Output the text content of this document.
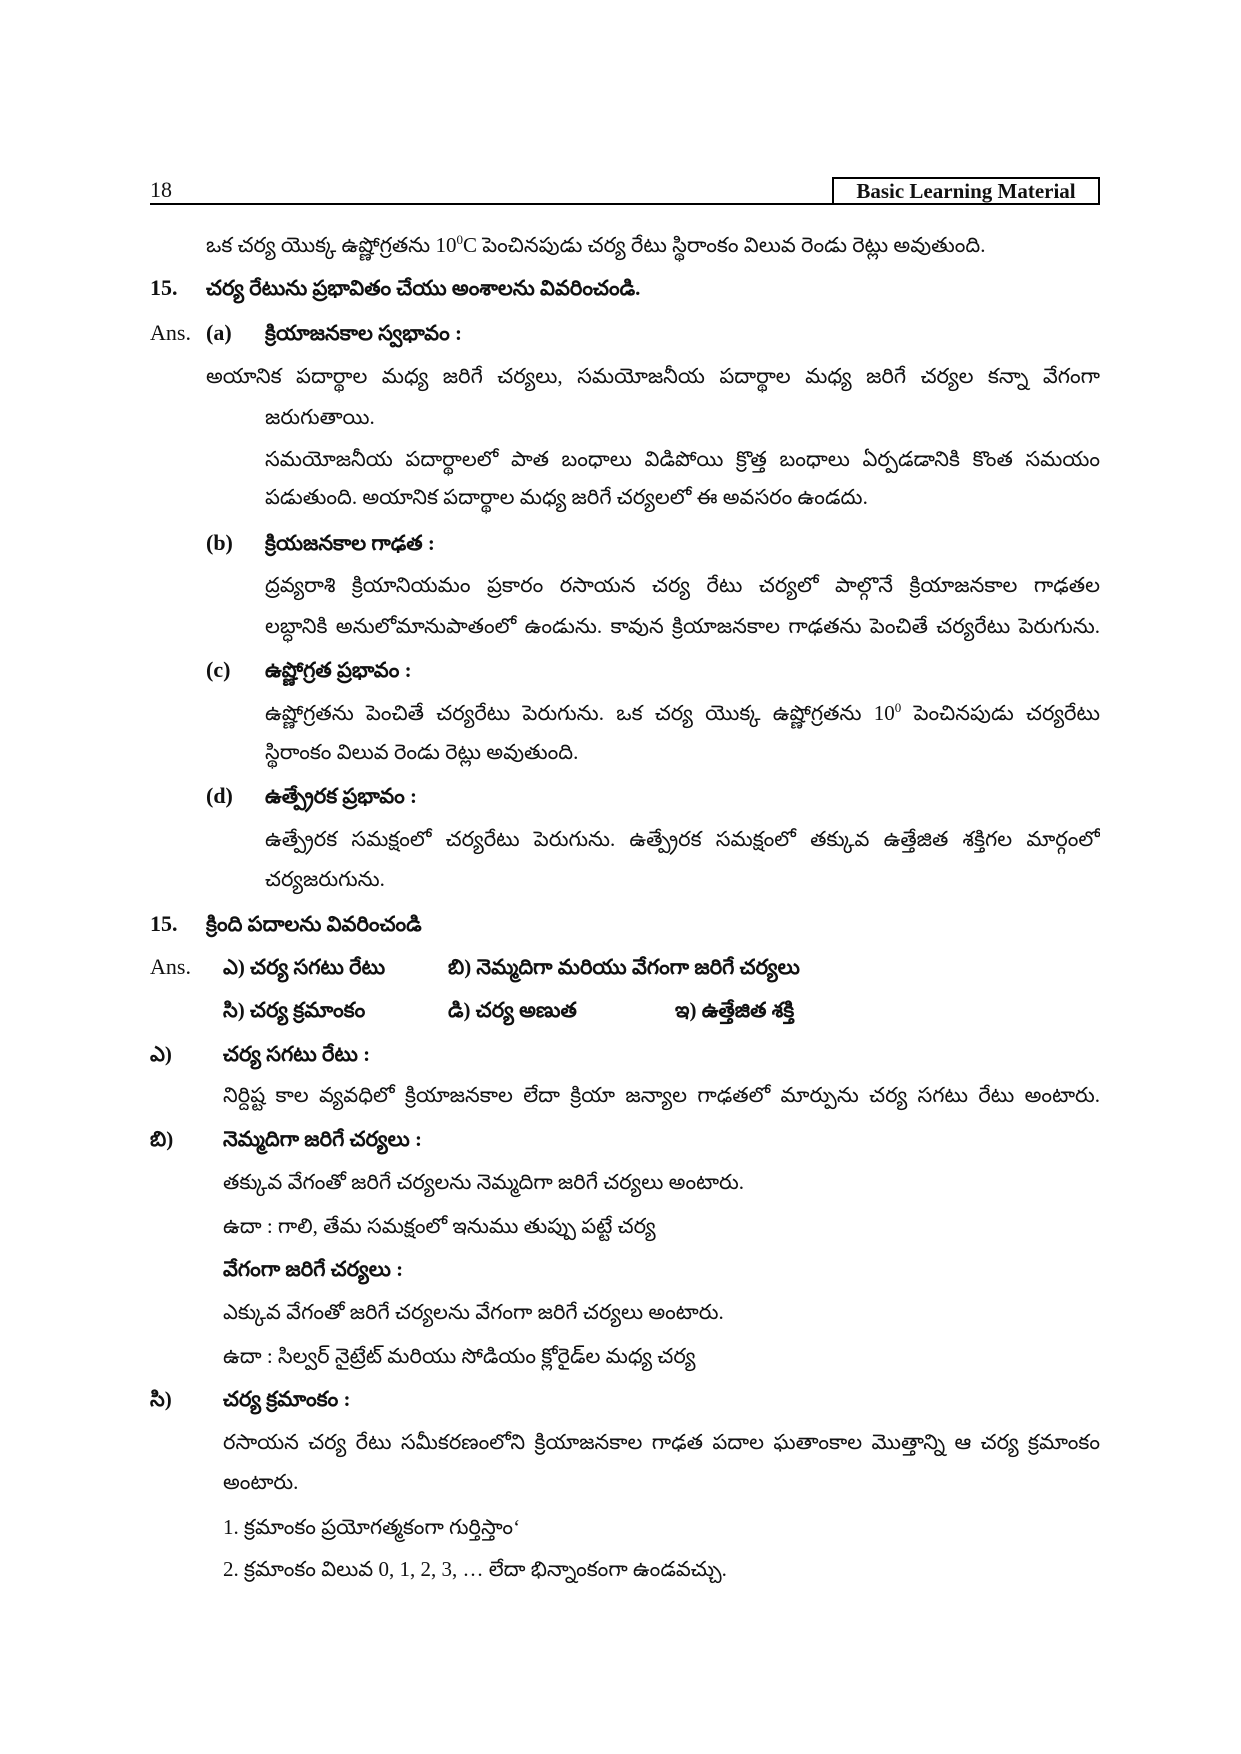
18	Basic Learning Material
ఒక చర్య యొక్క ఉష్ణోగ్రతను $10^0C$ పెంచినపుడు చర్య రేటు స్థిరాంకం విలువ రెండు రెట్లు అవుతుంది.
15.	చర్య రేటును ప్రభావితం చేయు అంశాలను వివరించండి.
Ans. (a)	క్రియాజనకాల స్వభావం :
అయానిక పదార్థాల మధ్య జరిగే చర్యలు, సమయోజనీయ పదార్థాల మధ్య జరిగే చర్యల కన్నా వేగంగా
జరుగుతాయి.
సమయోజనీయ పదార్థాలలో పాత బంధాలు విడిపోయి క్రొత్త బంధాలు ఏర్పడడానికి కొంత సమయం
పడుతుంది. అయానిక పదార్థాల మధ్య జరిగే చర్యలలో ఈ అవసరం ఉండదు.
(b)	క్రియజనకాల గాఢత :
ద్రవ్యరాశి క్రియానియమం ప్రకారం రసాయన చర్య రేటు చర్యలో పాల్గొనే క్రియాజనకాల గాఢతల
లబ్ధానికి అనులోమానుపాతంలో ఉండును. కావున క్రియాజనకాల గాఢతను పెంచితే చర్యరేటు పెరుగును.
(c)	ఉష్ణోగ్రత ప్రభావం :
ఉష్ణోగ్రతను పెంచితే చర్యరేటు పెరుగును. ఒక చర్య యొక్క ఉష్ణోగ్రతను $10^0$ పెంచినపుడు చర్యరేటు
స్థిరాంకం విలువ రెండు రెట్లు అవుతుంది.
(d)	ఉత్ప్రేరక ప్రభావం :
ఉత్ప్రేరక సమక్షంలో చర్యరేటు పెరుగును. ఉత్ప్రేరక సమక్షంలో తక్కువ ఉత్తేజిత శక్తిగల మార్గంలో
చర్యజరుగును.
15.	క్రింది పదాలను వివరించండి
Ans.	ఎ) చర్య సగటు రేటు	బి) నెమ్మదిగా మరియు వేగంగా జరిగే చర్యలు
సి) చర్య క్రమాంకం	డి) చర్య అణుత	ఇ) ఉత్తేజిత శక్తి
ఎ)	చర్య సగటు రేటు :
నిర్దిష్ట కాల వ్యవధిలో క్రియాజనకాల లేదా క్రియా జన్యాల గాఢతలో మార్పును చర్య సగటు రేటు అంటారు.
బి)	నెమ్మదిగా జరిగే చర్యలు :
తక్కువ వేగంతో జరిగే చర్యలను నెమ్మదిగా జరిగే చర్యలు అంటారు.
ఉదా : గాలి, తేమ సమక్షంలో ఇనుము తుప్పు పట్టే చర్య
వేగంగా జరిగే చర్యలు :
ఎక్కువ వేగంతో జరిగే చర్యలను వేగంగా జరిగే చర్యలు అంటారు.
ఉదా : సిల్వర్ నైట్రేట్ మరియు సోడియం క్లోరైడ్‌ల మధ్య చర్య
సి)	చర్య క్రమాంకం :
రసాయన చర్య రేటు సమీకరణంలోని క్రియాజనకాల గాఢత పదాల ఘతాంకాల మొత్తాన్ని ఆ చర్య క్రమాంకం
అంటారు.
1. క్రమాంకం ప్రయోగత్మకంగా గుర్తిస్తాం‘
2. క్రమాంకం విలువ 0, 1, 2, 3, … లేదా భిన్నాంకంగా ఉండవచ్చు.
